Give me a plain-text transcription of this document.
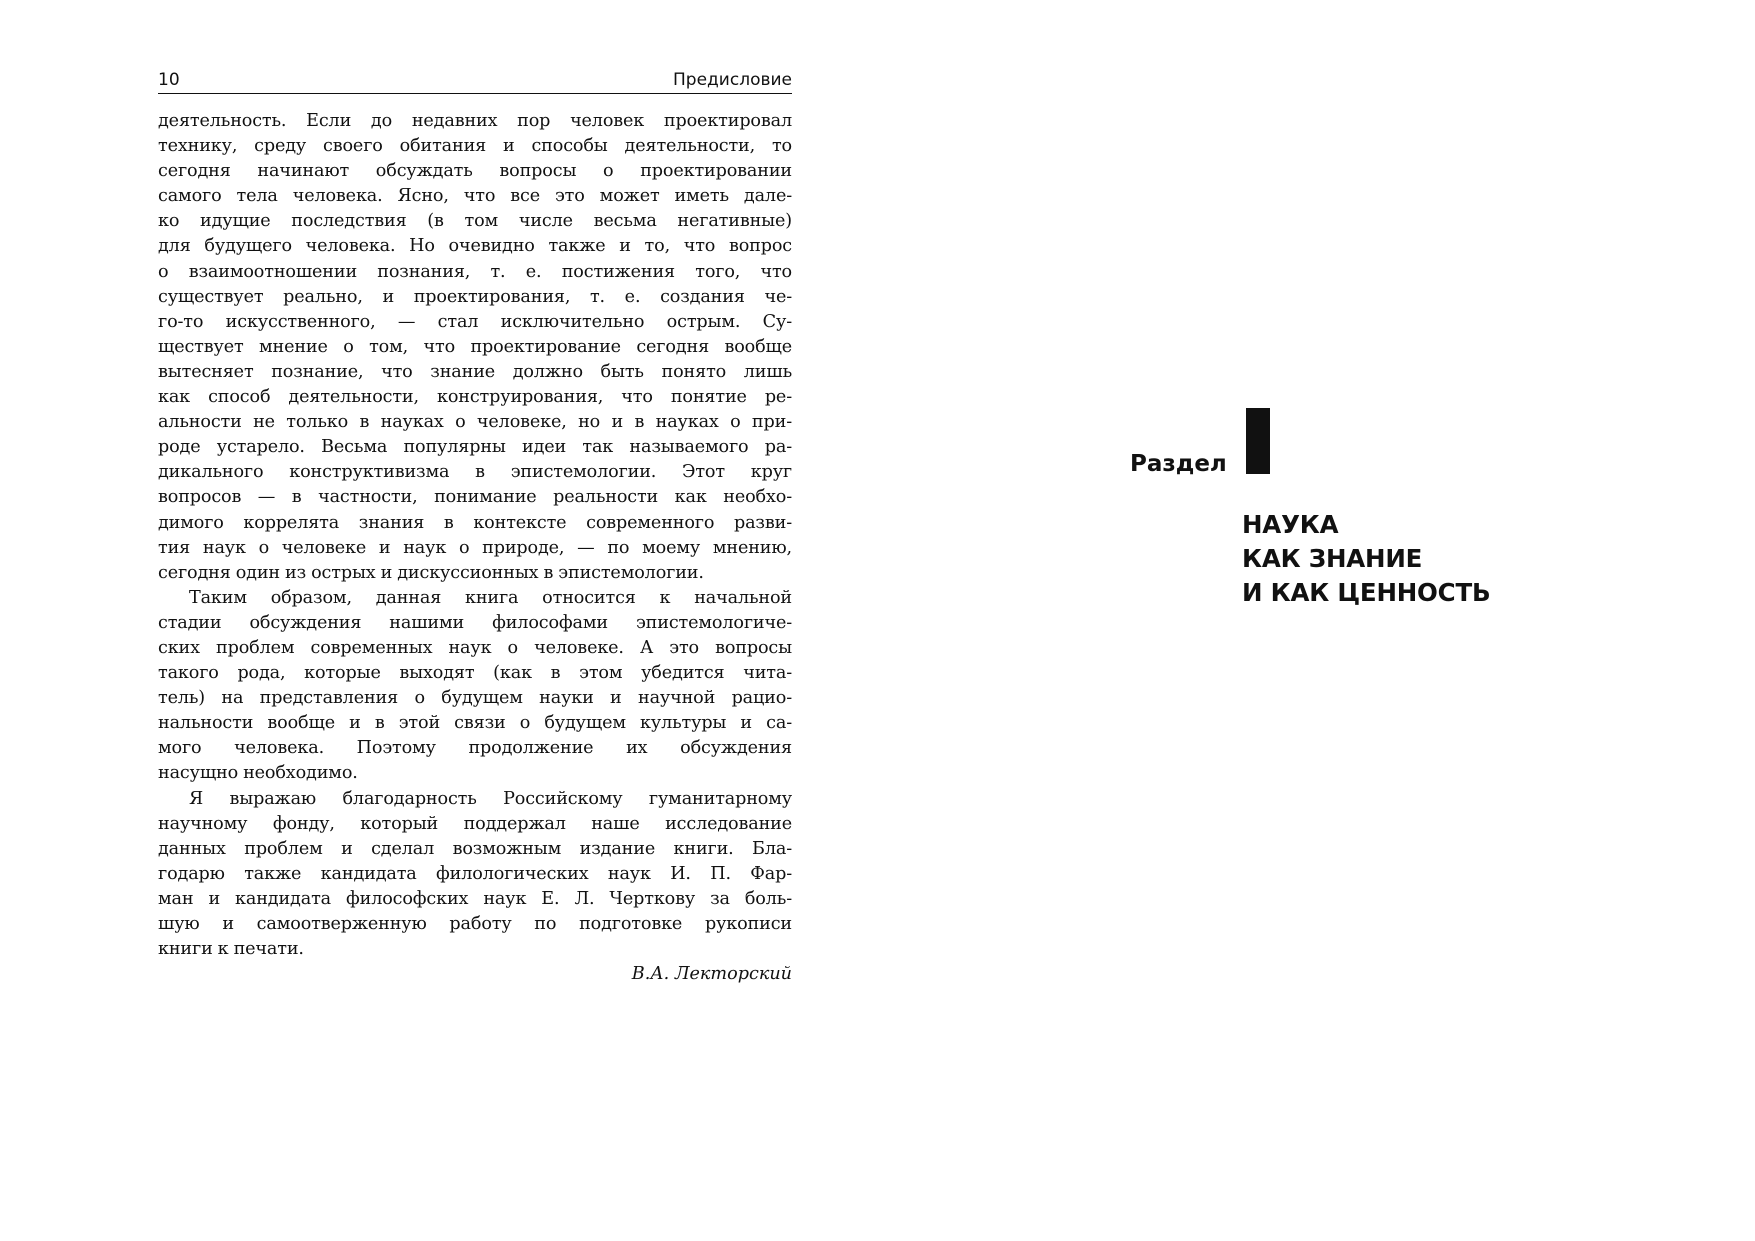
10	Предисловие
деятельность. Если до недавних пор человек проектировал
технику, среду своего обитания и способы деятельности, то
сегодня начинают обсуждать вопросы о проектировании
самого тела человека. Ясно, что все это может иметь дале-
ко идущие последствия (в том числе весьма негативные)
для будущего человека. Но очевидно также и то, что вопрос
о взаимоотношении познания, т. е. постижения того, что
существует реально, и проектирования, т. е. создания че-
го-то искусственного, — стал исключительно острым. Су-
ществует мнение о том, что проектирование сегодня вообще
вытесняет познание, что знание должно быть понято лишь
как способ деятельности, конструирования, что понятие ре-
альности не только в науках о человеке, но и в науках о при-
роде устарело. Весьма популярны идеи так называемого ра-
дикального конструктивизма в эпистемологии. Этот круг
вопросов — в частности, понимание реальности как необхо-
димого коррелята знания в контексте современного разви-
тия наук о человеке и наук о природе, — по моему мнению,
сегодня один из острых и дискуссионных в эпистемологии.
Таким образом, данная книга относится к начальной
стадии обсуждения нашими философами эпистемологиче-
ских проблем современных наук о человеке. А это вопросы
такого рода, которые выходят (как в этом убедится чита-
тель) на представления о будущем науки и научной рацио-
нальности вообще и в этой связи о будущем культуры и са-
мого человека. Поэтому продолжение их обсуждения
насущно необходимо.
Я выражаю благодарность Российскому гуманитарному
научному фонду, который поддержал наше исследование
данных проблем и сделал возможным издание книги. Бла-
годарю также кандидата филологических наук И. П. Фар-
ман и кандидата философских наук Е. Л. Черткову за боль-
шую и самоотверженную работу по подготовке рукописи
книги к печати.
В.А. Лекторский
Раздел
НАУКА
КАК ЗНАНИЕ
И КАК ЦЕННОСТЬ
